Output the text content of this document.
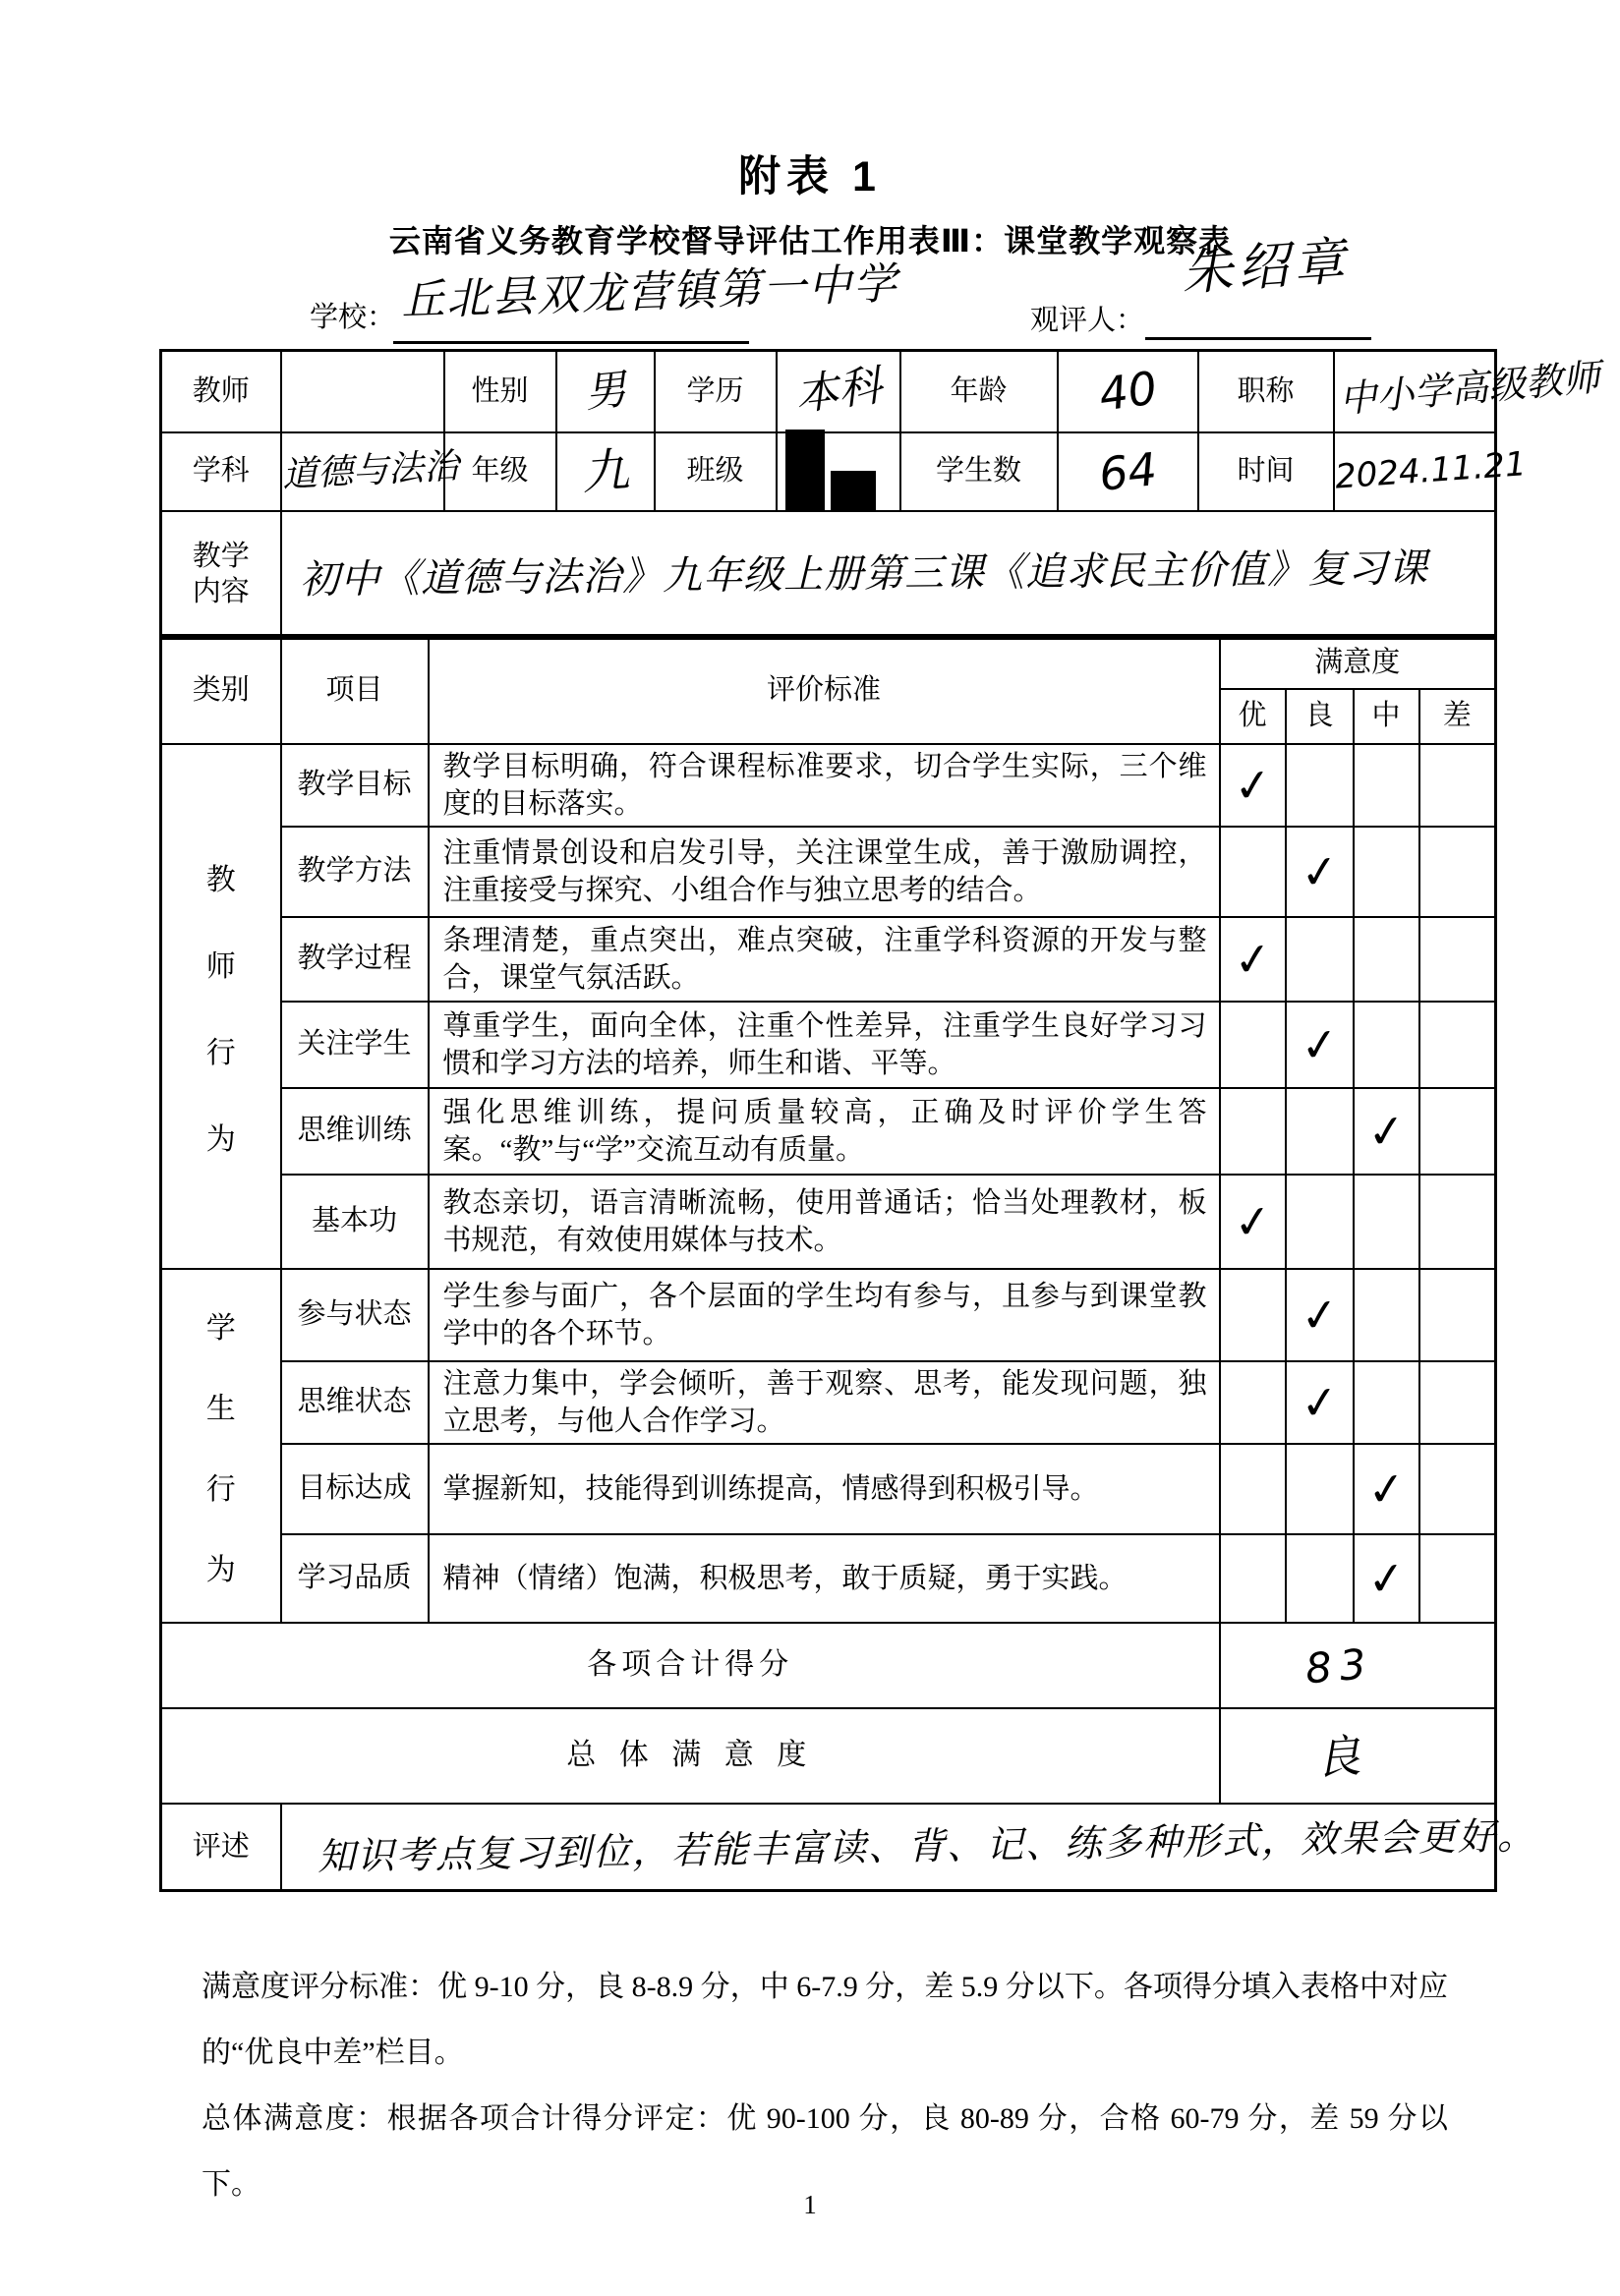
附表 1
云南省义务教育学校督导评估工作用表Ⅲ：课堂教学观察表
学校： 丘北县双龙营镇第一中学	观评人：
朱绍章
教师		性别	男	学历	本科	年龄	40	职称	中小学高级教师

学科	道德与法治	年级	九	班级		学生数	64	时间	2024.11.21

教学内容	初中《道德与法治》九年级上册第三课《追求民主价值》复习课								
类别	项目	评价标准	满意度			
			优	良	中	差

教
师
行
为	教学目标	教学目标明确，符合课程标准要求，切合学生实际，三个维度的目标落实。	✓			

	教学方法	注重情景创设和启发引导，关注课堂生成，善于激励调控，注重接受与探究、小组合作与独立思考的结合。		✓		

	教学过程	条理清楚，重点突出，难点突破，注重学科资源的开发与整合，课堂气氛活跃。	✓			

	关注学生	尊重学生，面向全体，注重个性差异，注重学生良好学习习惯和学习方法的培养，师生和谐、平等。		✓		

	思维训练	强化思维训练，提问质量较高，正确及时评价学生答案。“教”与“学”交流互动有质量。			✓	

	基本功	教态亲切，语言清晰流畅，使用普通话；恰当处理教材，板书规范，有效使用媒体与技术。	✓			

学
生
行
为	参与状态	学生参与面广，各个层面的学生均有参与，且参与到课堂教学中的各个环节。		✓		

	思维状态	注意力集中，学会倾听，善于观察、思考，能发现问题，独立思考，与他人合作学习。		✓		

	目标达成	掌握新知，技能得到训练提高，情感得到积极引导。			✓	

	学习品质	精神（情绪）饱满，积极思考，敢于质疑，勇于实践。			✓	

各项合计得分			83			
总 体 满 意 度			良			
评述	知识考点复习到位，若能丰富读、背、记、练多种形式，效果会更好。					

满意度评分标准：优 9-10 分，良 8-8.9 分，中 6-7.9 分，差 5.9 分以下。各项得分填入表格中对应的“优良中差”栏目。

总体满意度：根据各项合计得分评定：优 90-100 分，良 80-89 分，合格 60-79 分，差 59 分以下。

1
